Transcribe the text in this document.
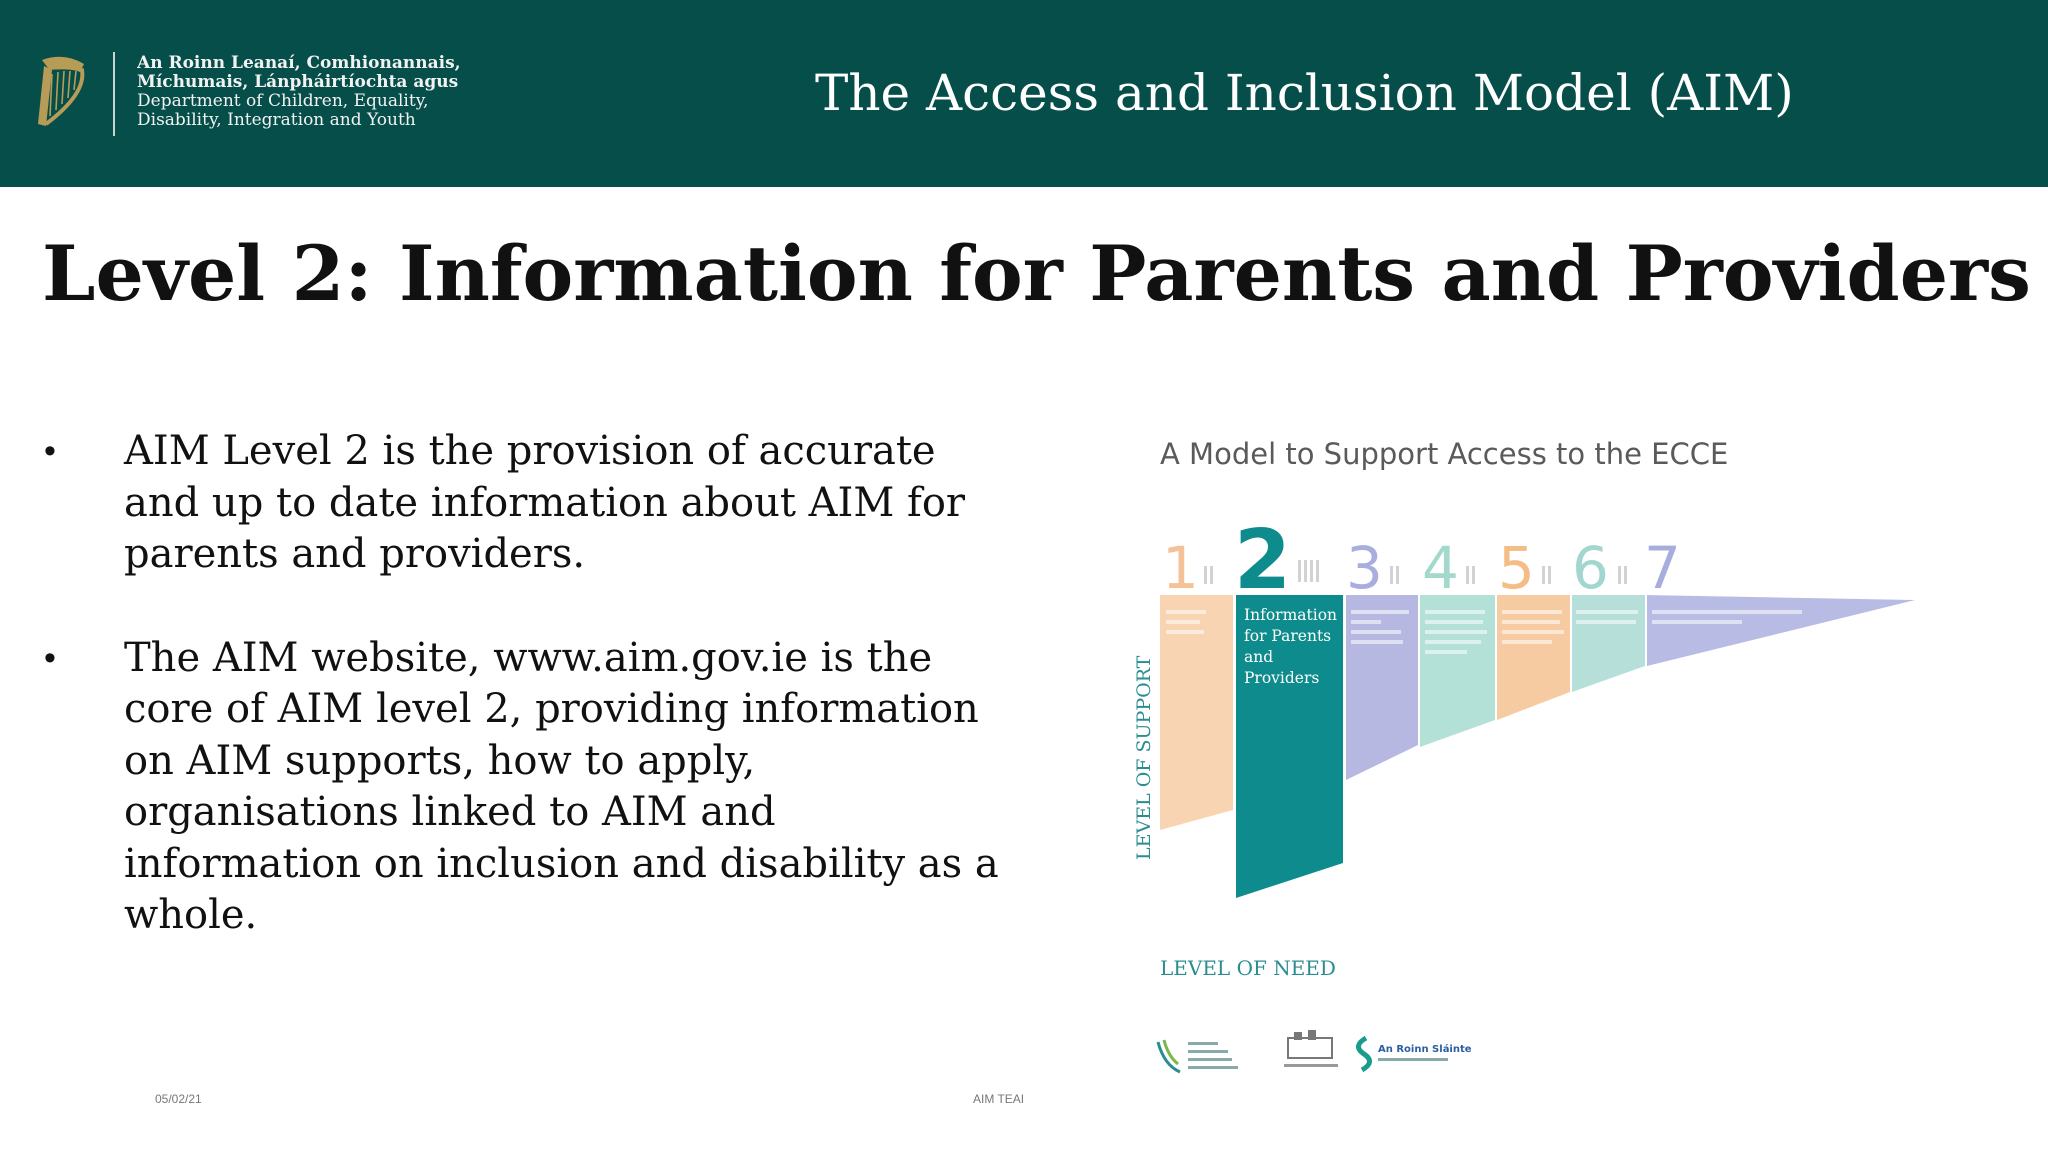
An Roinn Leanaí, Comhionannais,
Míchumais, Lánpháirtíochta agus
Department of Children, Equality,
Disability, Integration and Youth	The Access and Inclusion Model (AIM)
Level 2: Information for Parents and Providers
• AIM Level 2 is the provision of accurate and up to date information about AIM for parents and providers.
• The AIM website, www.aim.gov.ie is the core of AIM level 2, providing information on AIM supports, how to apply, organisations linked to AIM and information on inclusion and disability as a whole.
A Model to Support Access to the ECCE
1 2
Information
for Parents
and
Providers
3 4 5 6 7
LEVEL OF SUPPORT
LEVEL OF NEED
An Roinn Sláinte
05/02/21	AIM TEAI
